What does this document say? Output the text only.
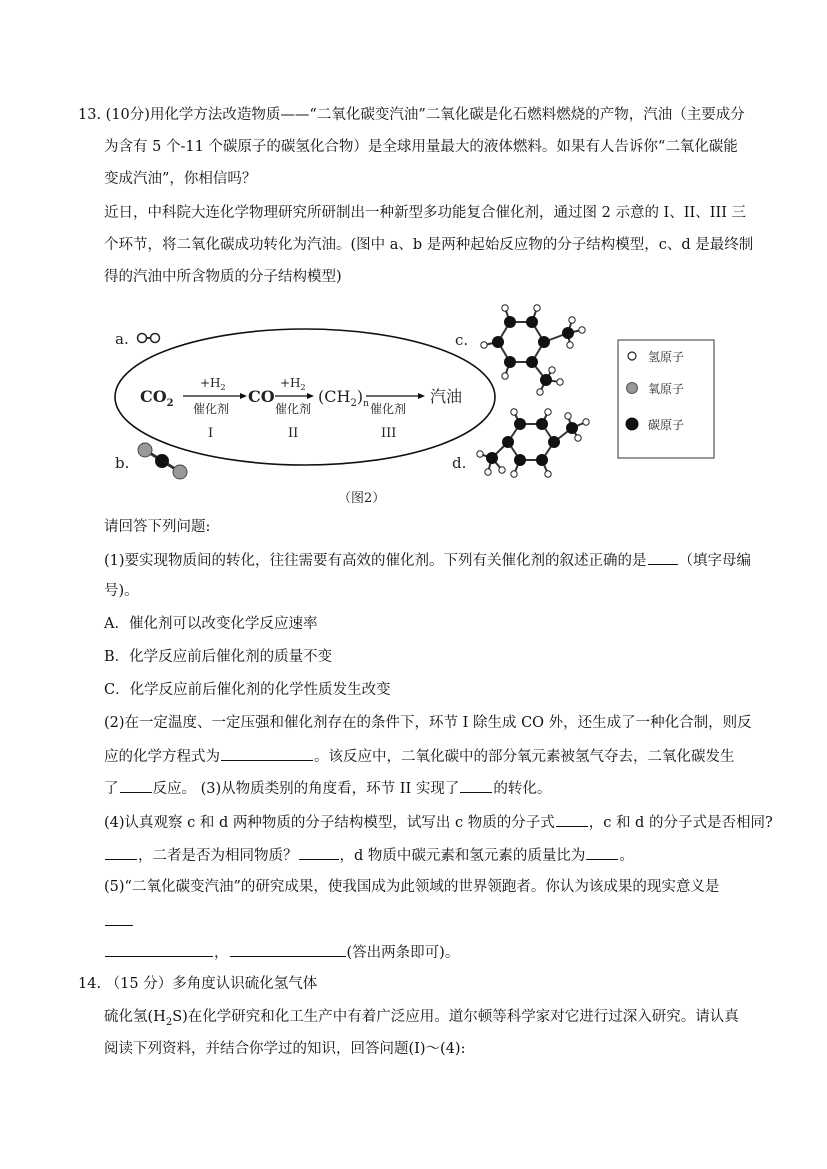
13. (10分)用化学方法改造物质——“二氧化碳变汽油”二氧化碳是化石燃料燃烧的产物，汽油（主要成分
为含有 5 个-11 个碳原子的碳氢化合物）是全球用量最大的液体燃料。如果有人告诉你“二氧化碳能
变成汽油”，你相信吗？
近日，中科院大连化学物理研究所研制出一种新型多功能复合催化剂，通过图 2 示意的 I、II、III 三
个环节，将二氧化碳成功转化为汽油。(图中 a、b 是两种起始反应物的分子结构模型，c、d 是最终制
得的汽油中所含物质的分子结构模型)
a.
b.
$CO_2$
$+H_2$
催化剂
I
CO
$+H_2$
催化剂
II
$(CH_2)_n$ 催化剂
III
汽油
c.
d.
氢原子
氧原子
碳原子
（图2）
请回答下列问题:
(1)要实现物质间的转化，往往需要有高效的催化剂。下列有关催化剂的叙述正确的是 （填字母编
号)。
A．催化剂可以改变化学反应速率
B．化学反应前后催化剂的质量不变
C．化学反应前后催化剂的化学性质发生改变
(2)在一定温度、一定压强和催化剂存在的条件下，环节 I 除生成 CO 外，还生成了一种化合制，则反
应的化学方程式为	。该反应中，二氧化碳中的部分氧元素被氢气夺去，二氧化碳发生
了 反应。 (3)从物质类别的角度看，环节 II 实现了 的转化。
(4)认真观察 c 和 d 两种物质的分子结构模型，试写出 c 物质的分子式 ，c 和 d 的分子式是否相同?
，二者是否为相同物质？	，d 物质中碳元素和氢元素的质量比为 。
(5)“二氧化碳变汽油”的研究成果，使我国成为此领域的世界领跑者。你认为该成果的现实意义是
，	(答出两条即可)。
14. （15 分）多角度认识硫化氢气体
硫化氢$(H_2S)$在化学研究和化工生产中有着广泛应用。道尔顿等科学家对它进行过深入研究。请认真
阅读下列资料，并结合你学过的知识，回答问题(I)～(4):
